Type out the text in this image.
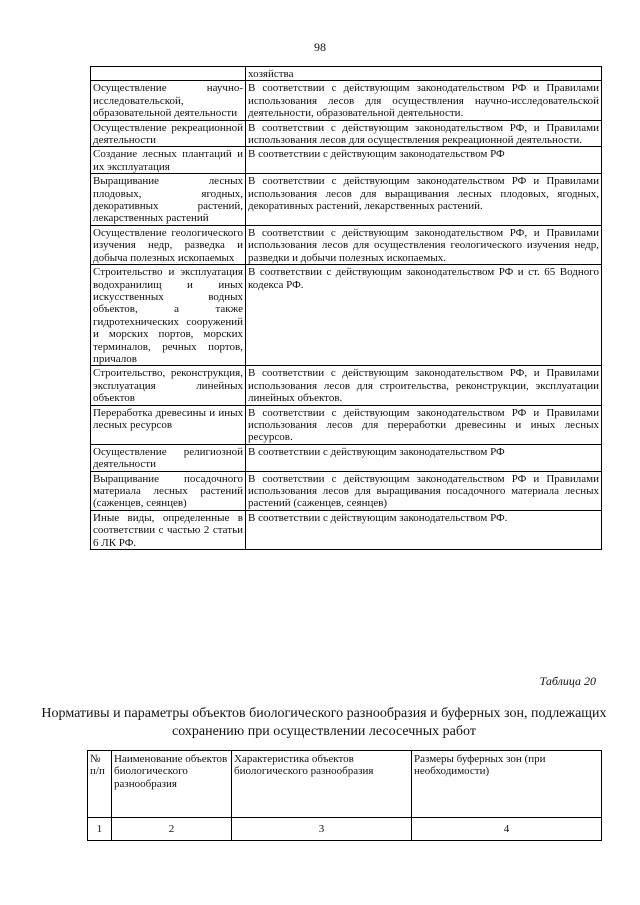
98
	хозяйства
Осуществление научно-исследовательской, образовательной деятельности	В соответствии с действующим законодательством РФ и Правилами использования лесов для осуществления научно-исследовательской деятельности, образовательной деятельности.
Осуществление рекреационной деятельности	В соответствии с действующим законодательством РФ, и Правилами использования лесов для осуществления рекреационной деятельности.
Создание лесных плантаций и их эксплуатация	В соответствии с действующим законодательством РФ
Выращивание лесных плодовых, ягодных, декоративных растений, лекарственных растений	В соответствии с действующим законодательством РФ и Правилами использования лесов для выращивания лесных плодовых, ягодных, декоративных растений, лекарственных растений.
Осуществление геологического изучения недр, разведка и добыча полезных ископаемых	В соответствии с действующим законодательством РФ, и Правилами использования лесов для осуществления геологического изучения недр, разведки и добычи полезных ископаемых.
Строительство и эксплуатация водохранилищ и иных искусственных водных объектов, а также гидротехнических сооружений и морских портов, морских терминалов, речных портов, причалов	В соответствии с действующим законодательством РФ и ст. 65 Водного кодекса РФ.
Строительство, реконструкция, эксплуатация линейных объектов	В соответствии с действующим законодательством РФ, и Правилами использования лесов для строительства, реконструкции, эксплуатации линейных объектов.
Переработка древесины и иных лесных ресурсов	В соответствии с действующим законодательством РФ и Правилами использования лесов для переработки древесины и иных лесных ресурсов.
Осуществление религиозной деятельности	В соответствии с действующим законодательством РФ
Выращивание посадочного материала лесных растений (саженцев, сеянцев)	В соответствии с действующим законодательством РФ и Правилами использования лесов для выращивания посадочного материала лесных растений (саженцев, сеянцев)
Иные виды, определенные в соответствии с частью 2 статьи 6 ЛК РФ.	В соответствии с действующим законодательством РФ.
Таблица 20
Нормативы и параметры объектов биологического разнообразия и буферных зон, подлежащих сохранению при осуществлении лесосечных работ
№ п/п	Наименование объектов биологического разнообразия	Характеристика объектов биологического разнообразия	Размеры буферных зон (при необходимости)
1	2	3	4
